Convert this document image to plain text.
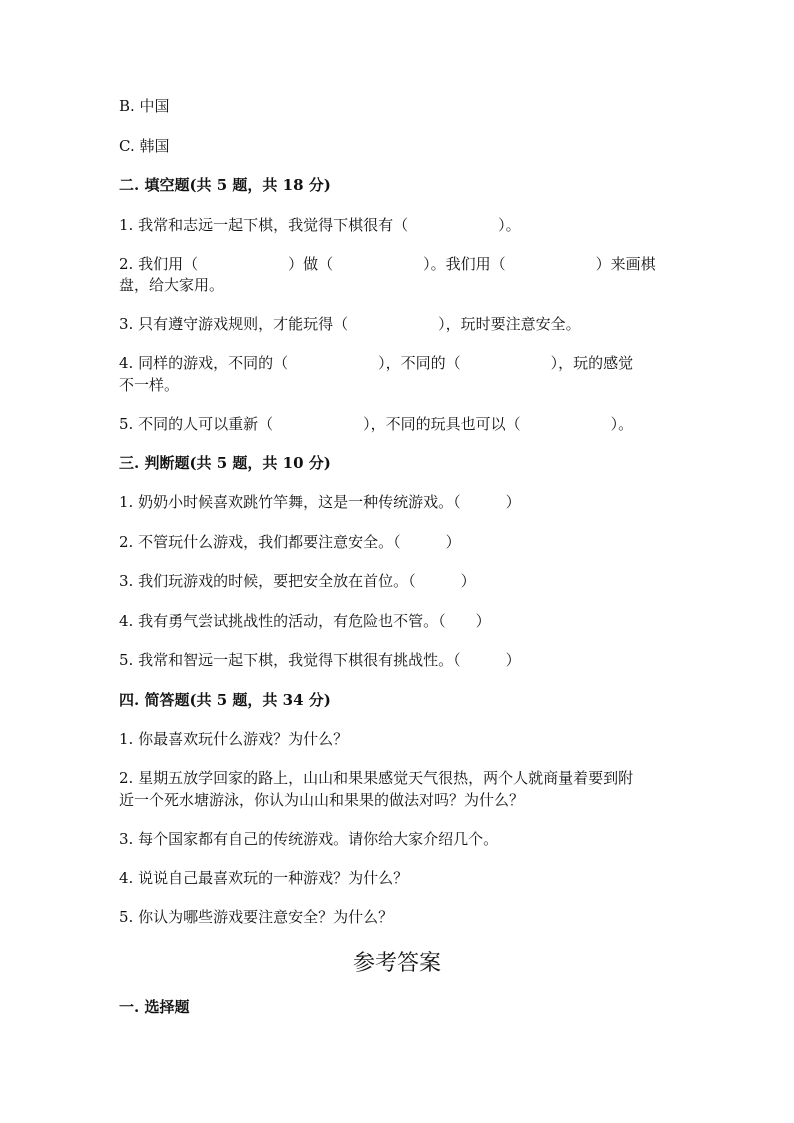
B. 中国
C. 韩国
二. 填空题(共 5 题，共 18 分)
1. 我常和志远一起下棋，我觉得下棋很有（　　　　　　）。
2. 我们用（　　　　　　）做（　　　　　　）。我们用（　　　　　　）来画棋
盘，给大家用。
3. 只有遵守游戏规则，才能玩得（　　　　　　），玩时要注意安全。
4. 同样的游戏，不同的（　　　　　　），不同的（　　　　　　），玩的感觉
不一样。
5. 不同的人可以重新（　　　　　　），不同的玩具也可以（　　　　　　）。
三. 判断题(共 5 题，共 10 分)
1. 奶奶小时候喜欢跳竹竿舞，这是一种传统游戏。（　　　）
2. 不管玩什么游戏，我们都要注意安全。（　　　）
3. 我们玩游戏的时候，要把安全放在首位。（　　　）
4. 我有勇气尝试挑战性的活动，有危险也不管。（　　）
5. 我常和智远一起下棋，我觉得下棋很有挑战性。（　　　）
四. 简答题(共 5 题，共 34 分)
1. 你最喜欢玩什么游戏？为什么？
2. 星期五放学回家的路上，山山和果果感觉天气很热，两个人就商量着要到附
近一个死水塘游泳，你认为山山和果果的做法对吗？为什么？
3. 每个国家都有自己的传统游戏。请你给大家介绍几个。
4. 说说自己最喜欢玩的一种游戏？为什么？
5. 你认为哪些游戏要注意安全？为什么？
参考答案
一. 选择题
